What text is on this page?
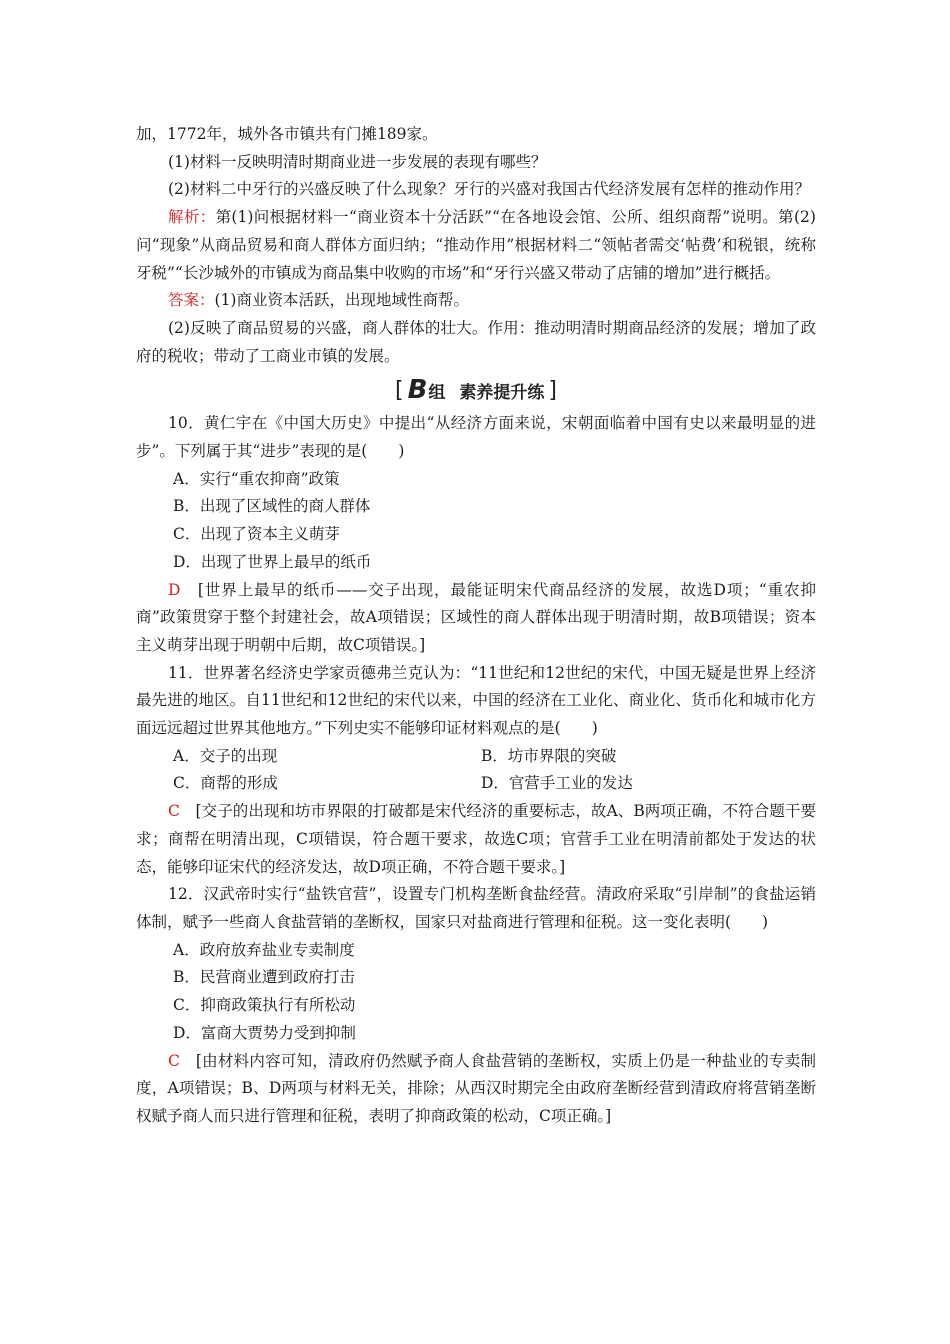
加，1772年，城外各市镇共有门摊189家。

(1)材料一反映明清时期商业进一步发展的表现有哪些？

(2)材料二中牙行的兴盛反映了什么现象？牙行的兴盛对我国古代经济发展有怎样的推动作用？

解析：第(1)问根据材料一“商业资本十分活跃”“在各地设会馆、公所、组织商帮”说明。第(2)问“现象”从商品贸易和商人群体方面归纳；“推动作用”根据材料二“领帖者需交‘帖费’和税银，统称牙税”“长沙城外的市镇成为商品集中收购的市场”和“牙行兴盛又带动了店铺的增加”进行概括。

答案：(1)商业资本活跃，出现地域性商帮。

(2)反映了商品贸易的兴盛，商人群体的壮大。作用：推动明清时期商品经济的发展；增加了政府的税收；带动了工商业市镇的发展。

[ B 组 素养提升练 ]

10．黄仁宇在《中国大历史》中提出“从经济方面来说，宋朝面临着中国有史以来最明显的进步”。下列属于其“进步”表现的是(　　)

A．实行“重农抑商”政策

B．出现了区域性的商人群体

C．出现了资本主义萌芽

D．出现了世界上最早的纸币

D　 [世界上最早的纸币——交子出现，最能证明宋代商品经济的发展，故选D项；“重农抑商”政策贯穿于整个封建社会，故A项错误；区域性的商人群体出现于明清时期，故B项错误；资本主义萌芽出现于明朝中后期，故C项错误。]

11．世界著名经济史学家贡德弗兰克认为：“11世纪和12世纪的宋代，中国无疑是世界上经济最先进的地区。自11世纪和12世纪的宋代以来，中国的经济在工业化、商业化、货币化和城市化方面远远超过世界其他地方。”下列史实不能够印证材料观点的是(　　)

A．交子的出现	B．坊市界限的突破

C．商帮的形成	D．官营手工业的发达

C　 [交子的出现和坊市界限的打破都是宋代经济的重要标志，故A、B两项正确，不符合题干要求；商帮在明清出现，C项错误，符合题干要求，故选C项；官营手工业在明清前都处于发达的状态，能够印证宋代的经济发达，故D项正确，不符合题干要求。]

12．汉武帝时实行“盐铁官营”，设置专门机构垄断食盐经营。清政府采取“引岸制”的食盐运销体制，赋予一些商人食盐营销的垄断权，国家只对盐商进行管理和征税。这一变化表明(　　)

A．政府放弃盐业专卖制度

B．民营商业遭到政府打击

C．抑商政策执行有所松动

D．富商大贾势力受到抑制

C　 [由材料内容可知，清政府仍然赋予商人食盐营销的垄断权，实质上仍是一种盐业的专卖制度，A项错误；B、D两项与材料无关，排除；从西汉时期完全由政府垄断经营到清政府将营销垄断权赋予商人而只进行管理和征税，表明了抑商政策的松动，C项正确。]
